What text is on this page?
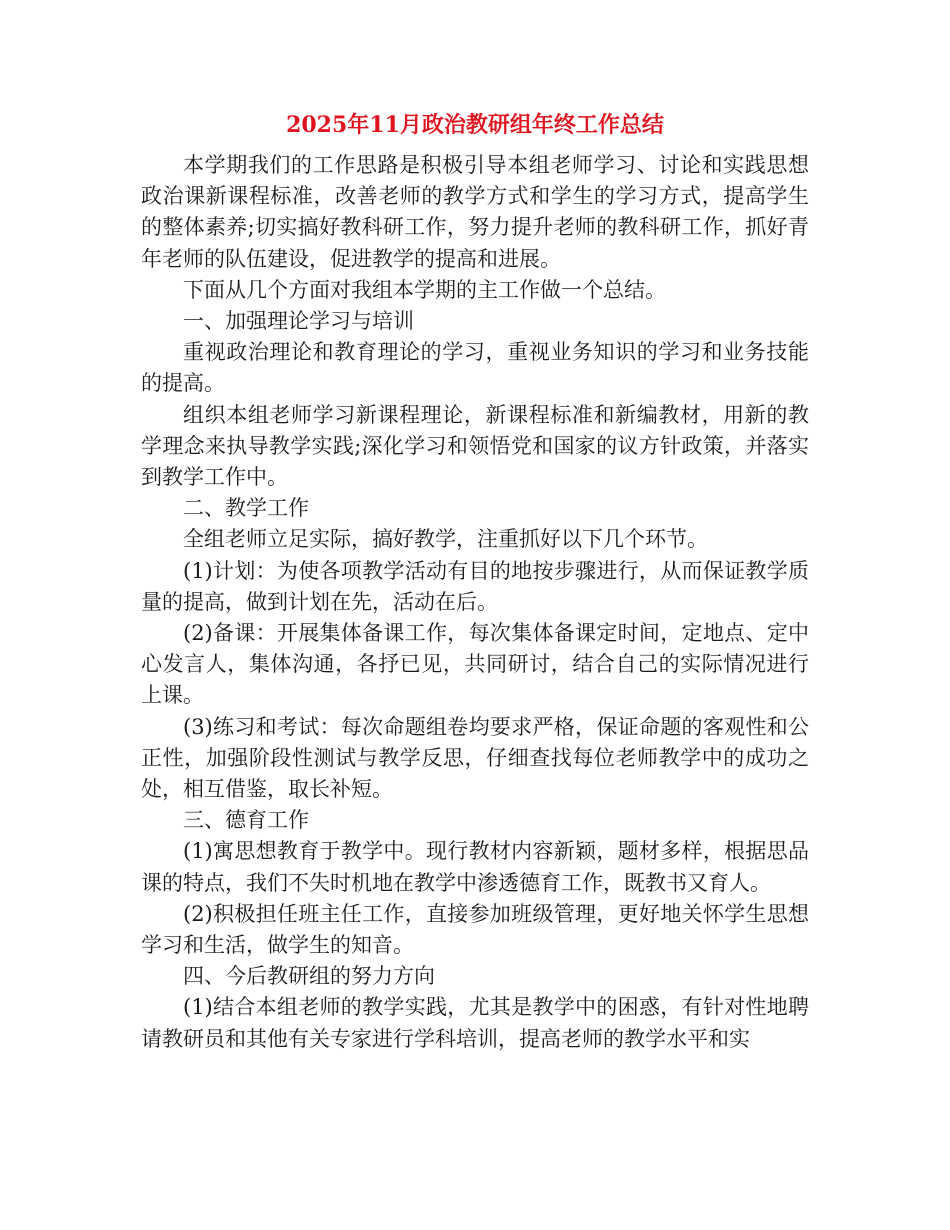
2025年11月政治教研组年终工作总结

本学期我们的工作思路是积极引导本组老师学习、讨论和实践思想政治课新课程标准，改善老师的教学方式和学生的学习方式，提高学生的整体素养;切实搞好教科研工作，努力提升老师的教科研工作，抓好青年老师的队伍建设，促进教学的提高和进展。

下面从几个方面对我组本学期的主工作做一个总结。

一、加强理论学习与培训

重视政治理论和教育理论的学习，重视业务知识的学习和业务技能的提高。

组织本组老师学习新课程理论，新课程标准和新编教材，用新的教学理念来执导教学实践;深化学习和领悟党和国家的议方针政策，并落实到教学工作中。

二、教学工作

全组老师立足实际，搞好教学，注重抓好以下几个环节。

(1)计划：为使各项教学活动有目的地按步骤进行，从而保证教学质量的提高，做到计划在先，活动在后。

(2)备课：开展集体备课工作，每次集体备课定时间，定地点、定中心发言人，集体沟通，各抒已见，共同研讨，结合自己的实际情况进行上课。

(3)练习和考试：每次命题组卷均要求严格，保证命题的客观性和公正性，加强阶段性测试与教学反思，仔细查找每位老师教学中的成功之处，相互借鉴，取长补短。

三、德育工作

(1)寓思想教育于教学中。现行教材内容新颖，题材多样，根据思品课的特点，我们不失时机地在教学中渗透德育工作，既教书又育人。

(2)积极担任班主任工作，直接参加班级管理，更好地关怀学生思想学习和生活，做学生的知音。

四、今后教研组的努力方向

(1)结合本组老师的教学实践，尤其是教学中的困惑，有针对性地聘请教研员和其他有关专家进行学科培训，提高老师的教学水平和实
